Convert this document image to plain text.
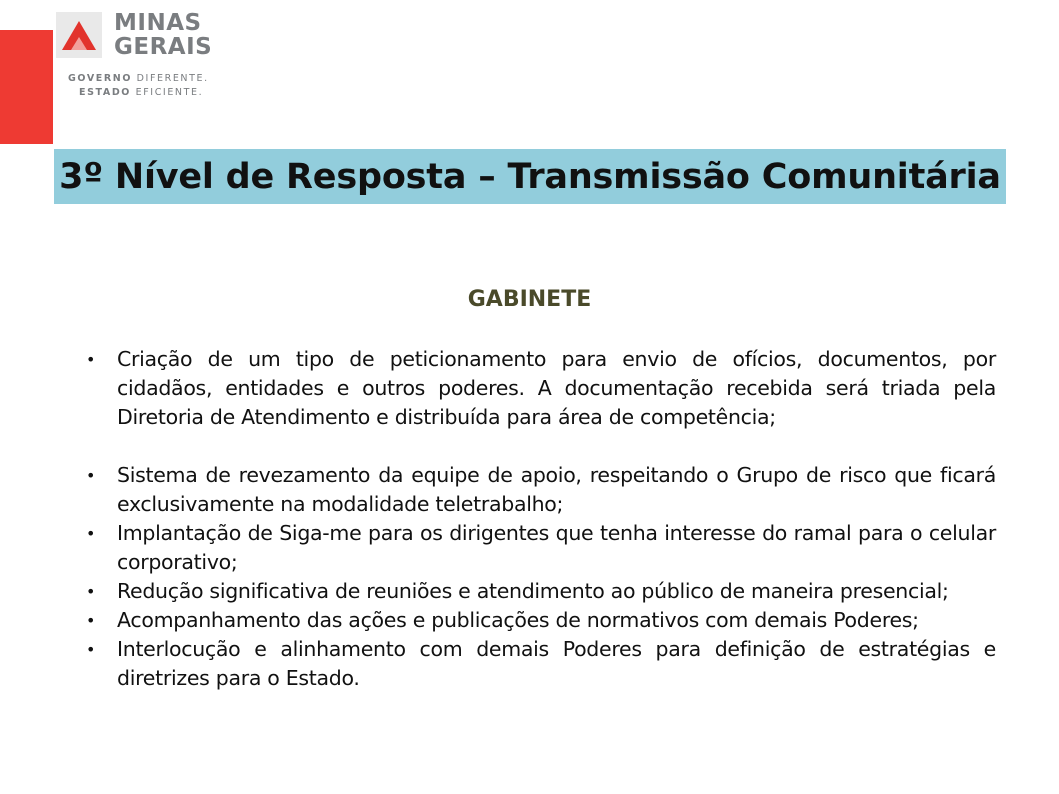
MINAS
GERAIS
GOVERNO DIFERENTE.
ESTADO EFICIENTE.
3º Nível de Resposta – Transmissão Comunitária
GABINETE
• Criação de um tipo de peticionamento para envio de ofícios, documentos, por cidadãos, entidades e outros poderes. A documentação recebida será triada pela Diretoria de Atendimento e distribuída para área de competência;
• Sistema de revezamento da equipe de apoio, respeitando o Grupo de risco que ficará exclusivamente na modalidade teletrabalho;
• Implantação de Siga-me para os dirigentes que tenha interesse do ramal para o celular corporativo;
• Redução significativa de reuniões e atendimento ao público de maneira presencial;
• Acompanhamento das ações e publicações de normativos com demais Poderes;
• Interlocução e alinhamento com demais Poderes para definição de estratégias e diretrizes para o Estado.
